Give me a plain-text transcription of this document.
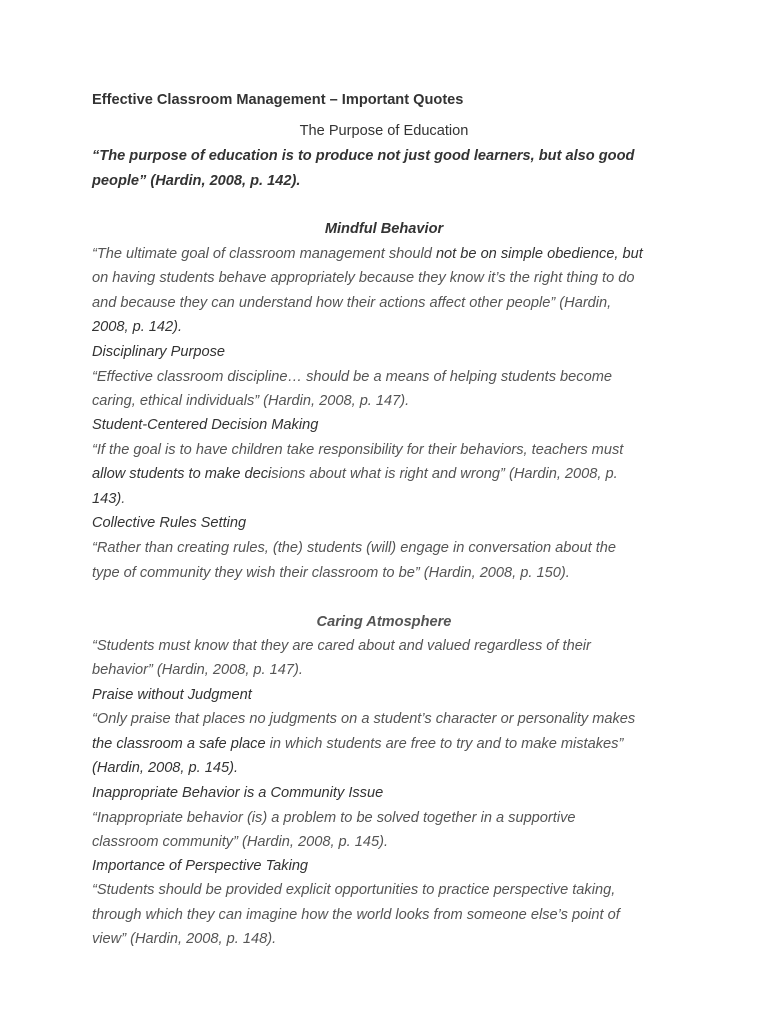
Effective Classroom Management – Important Quotes

The Purpose of Education

“The purpose of education is to produce not just good learners, but also good

people” (Hardin, 2008, p. 142).

Mindful Behavior

“The ultimate goal of classroom management should not be on simple obedience, but

on having students behave appropriately because they know it’s the right thing to do

and because they can understand how their actions affect other people” (Hardin,

2008, p. 142).

Disciplinary Purpose

“Effective classroom discipline… should be a means of helping students become

caring, ethical individuals” (Hardin, 2008, p. 147).

Student-Centered Decision Making

“If the goal is to have children take responsibility for their behaviors, teachers must

allow students to make decisions about what is right and wrong” (Hardin, 2008, p.

143).

Collective Rules Setting

“Rather than creating rules, (the) students (will) engage in conversation about the

type of community they wish their classroom to be” (Hardin, 2008, p. 150).

Caring Atmosphere

“Students must know that they are cared about and valued regardless of their

behavior” (Hardin, 2008, p. 147).

Praise without Judgment

“Only praise that places no judgments on a student’s character or personality makes

the classroom a safe place in which students are free to try and to make mistakes”

(Hardin, 2008, p. 145).

Inappropriate Behavior is a Community Issue

“Inappropriate behavior (is) a problem to be solved together in a supportive

classroom community” (Hardin, 2008, p. 145).

Importance of Perspective Taking

“Students should be provided explicit opportunities to practice perspective taking,

through which they can imagine how the world looks from someone else’s point of

view” (Hardin, 2008, p. 148).
